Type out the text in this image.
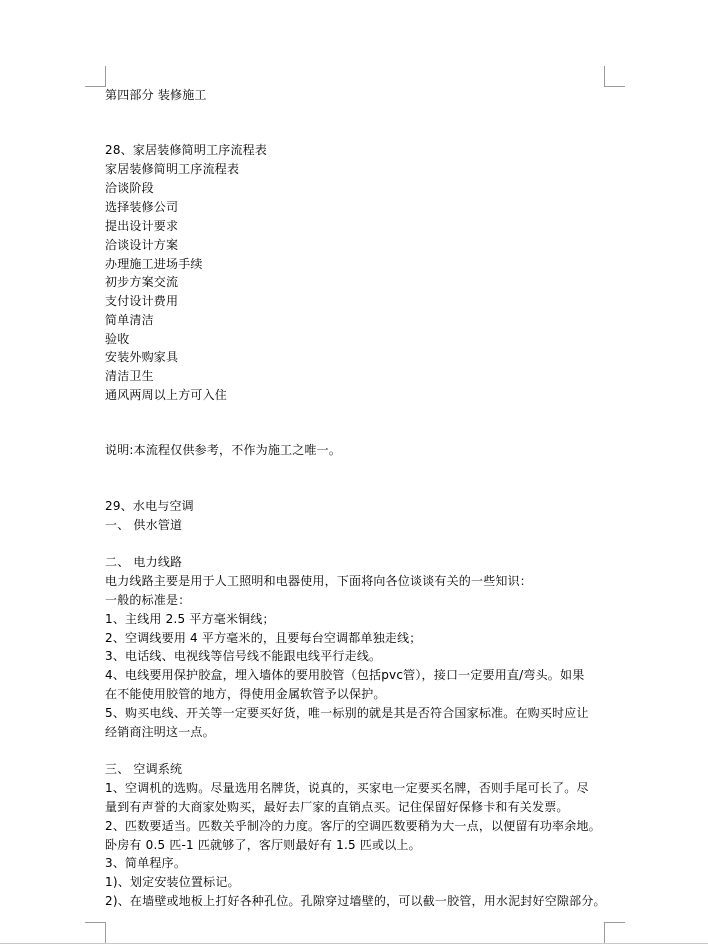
第四部分 装修施工
28、家居装修简明工序流程表
家居装修简明工序流程表
洽谈阶段
选择装修公司
提出设计要求
洽谈设计方案
办理施工进场手续
初步方案交流
支付设计费用
简单清洁
验收
安装外购家具
清洁卫生
通风两周以上方可入住
说明:本流程仅供参考，不作为施工之唯一。
29、水电与空调
一、 供水管道
二、 电力线路
电力线路主要是用于人工照明和电器使用，下面将向各位谈谈有关的一些知识：
一般的标准是：
1、主线用 2.5 平方毫米铜线；
2、空调线要用 4 平方毫米的，且要每台空调都单独走线；
3、电话线、电视线等信号线不能跟电线平行走线。
4、电线要用保护胶盒，埋入墙体的要用胶管（包括pvc管），接口一定要用直/弯头。如果
在不能使用胶管的地方，得使用金属软管予以保护。
5、购买电线、开关等一定要买好货，唯一标别的就是其是否符合国家标准。在购买时应让
经销商注明这一点。
三、 空调系统
1、空调机的选购。尽量选用名牌货，说真的，买家电一定要买名牌，否则手尾可长了。尽
量到有声誉的大商家处购买，最好去厂家的直销点买。记住保留好保修卡和有关发票。
2、匹数要适当。匹数关乎制冷的力度。客厅的空调匹数要稍为大一点，以便留有功率余地。
卧房有 0.5 匹-1 匹就够了，客厅则最好有 1.5 匹或以上。
3、简单程序。
1)、划定安装位置标记。
2)、在墙壁或地板上打好各种孔位。孔隙穿过墙壁的，可以截一胶管，用水泥封好空隙部分。
